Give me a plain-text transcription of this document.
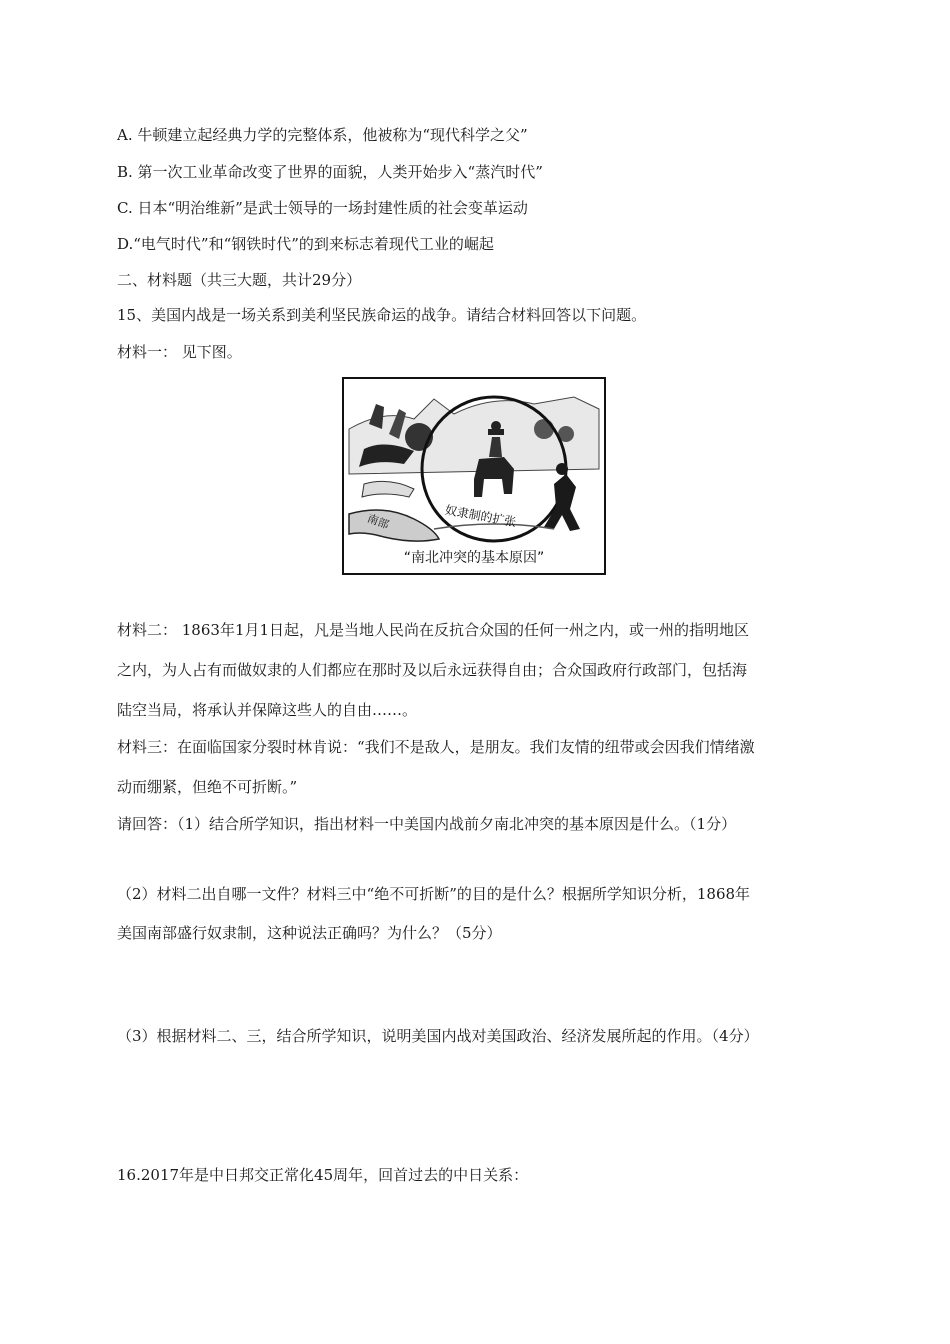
A. 牛顿建立起经典力学的完整体系，他被称为“现代科学之父”
B. 第一次工业革命改变了世界的面貌，人类开始步入“蒸汽时代”
C. 日本“明治维新”是武士领导的一场封建性质的社会变革运动
D.“电气时代”和“钢铁时代”的到来标志着现代工业的崛起
二、材料题（共三大题，共计29分）
15、美国内战是一场关系到美利坚民族命运的战争。请结合材料回答以下问题。
材料一： 见下图。
奴隶制的扩张
南部
“南北冲突的基本原因”
材料二： 1863年1月1日起，凡是当地人民尚在反抗合众国的任何一州之内，或一州的指明地区
之内，为人占有而做奴隶的人们都应在那时及以后永远获得自由；合众国政府行政部门，包括海
陆空当局，将承认并保障这些人的自由……。
材料三：在面临国家分裂时林肯说：“我们不是敌人，是朋友。我们友情的纽带或会因我们情绪激
动而绷紧，但绝不可折断。”
请回答：（1）结合所学知识，指出材料一中美国内战前夕南北冲突的基本原因是什么。（1分）
（2）材料二出自哪一文件？材料三中“绝不可折断”的目的是什么？根据所学知识分析，1868年
美国南部盛行奴隶制，这种说法正确吗？为什么？（5分）
（3）根据材料二、三，结合所学知识，说明美国内战对美国政治、经济发展所起的作用。（4分）
16.2017年是中日邦交正常化45周年，回首过去的中日关系：
